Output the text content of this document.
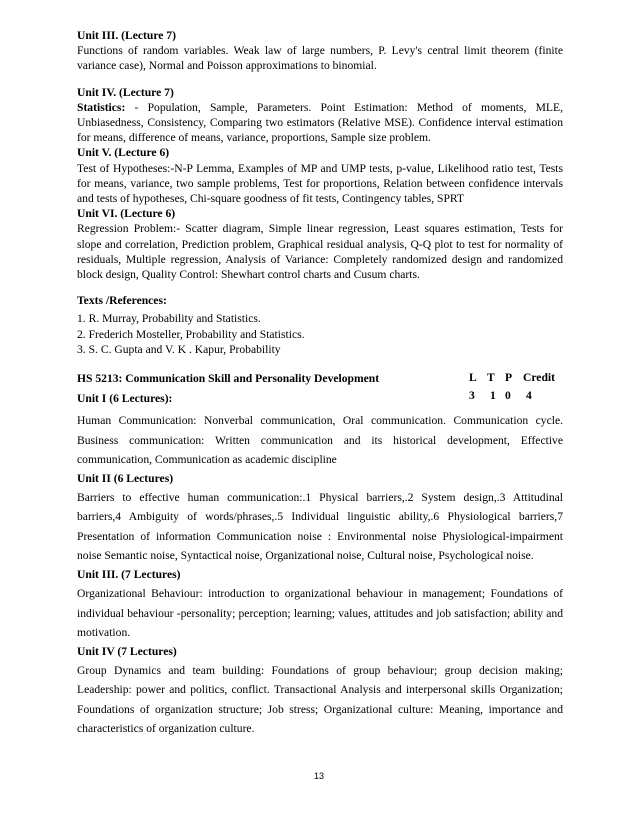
Unit III. (Lecture 7)

Functions of random variables. Weak law of large numbers, P. Levy's central limit theorem (finite variance case), Normal and Poisson approximations to binomial.

Unit IV. (Lecture 7)

Statistics: - Population, Sample, Parameters. Point Estimation: Method of moments, MLE, Unbiasedness, Consistency, Comparing two estimators (Relative MSE). Confidence interval estimation for means, difference of means, variance, proportions, Sample size problem.

Unit V. (Lecture 6)

Test of Hypotheses:-N-P Lemma, Examples of MP and UMP tests, p-value, Likelihood ratio test, Tests for means, variance, two sample problems, Test for proportions, Relation between confidence intervals and tests of hypotheses, Chi-square goodness of fit tests, Contingency tables, SPRT

Unit VI. (Lecture 6)

Regression Problem:- Scatter diagram, Simple linear regression, Least squares estimation, Tests for slope and correlation, Prediction problem, Graphical residual analysis, Q-Q plot to test for normality of residuals, Multiple regression, Analysis of Variance: Completely randomized design and randomized block design, Quality Control: Shewhart control charts and Cusum charts.

Texts /References:

1. R. Murray, Probability and Statistics.

2. Frederich Mosteller, Probability and Statistics.

3. S. C. Gupta and V. K . Kapur, Probability

HS 5213: Communication Skill and Personality Development
Unit I (6 Lectures):
L T P Credit
3	1 0	4

Human Communication: Nonverbal communication, Oral communication. Communication cycle. Business communication: Written communication and its historical development, Effective communication, Communication as academic discipline

Unit II (6 Lectures)

Barriers to effective human communication:.1 Physical barriers,.2 System design,.3 Attitudinal barriers,4 Ambiguity of words/phrases,.5 Individual linguistic ability,.6 Physiological barriers,7 Presentation of information Communication noise : Environmental noise Physiological-impairment noise Semantic noise, Syntactical noise, Organizational noise, Cultural noise, Psychological noise.

Unit III. (7 Lectures)

Organizational Behaviour: introduction to organizational behaviour in management; Foundations of individual behaviour -personality; perception; learning; values, attitudes and job satisfaction; ability and motivation.

Unit IV (7 Lectures)

Group Dynamics and team building: Foundations of group behaviour; group decision making; Leadership: power and politics, conflict. Transactional Analysis and interpersonal skills Organization; Foundations of organization structure; Job stress; Organizational culture: Meaning, importance and characteristics of organization culture.

13
